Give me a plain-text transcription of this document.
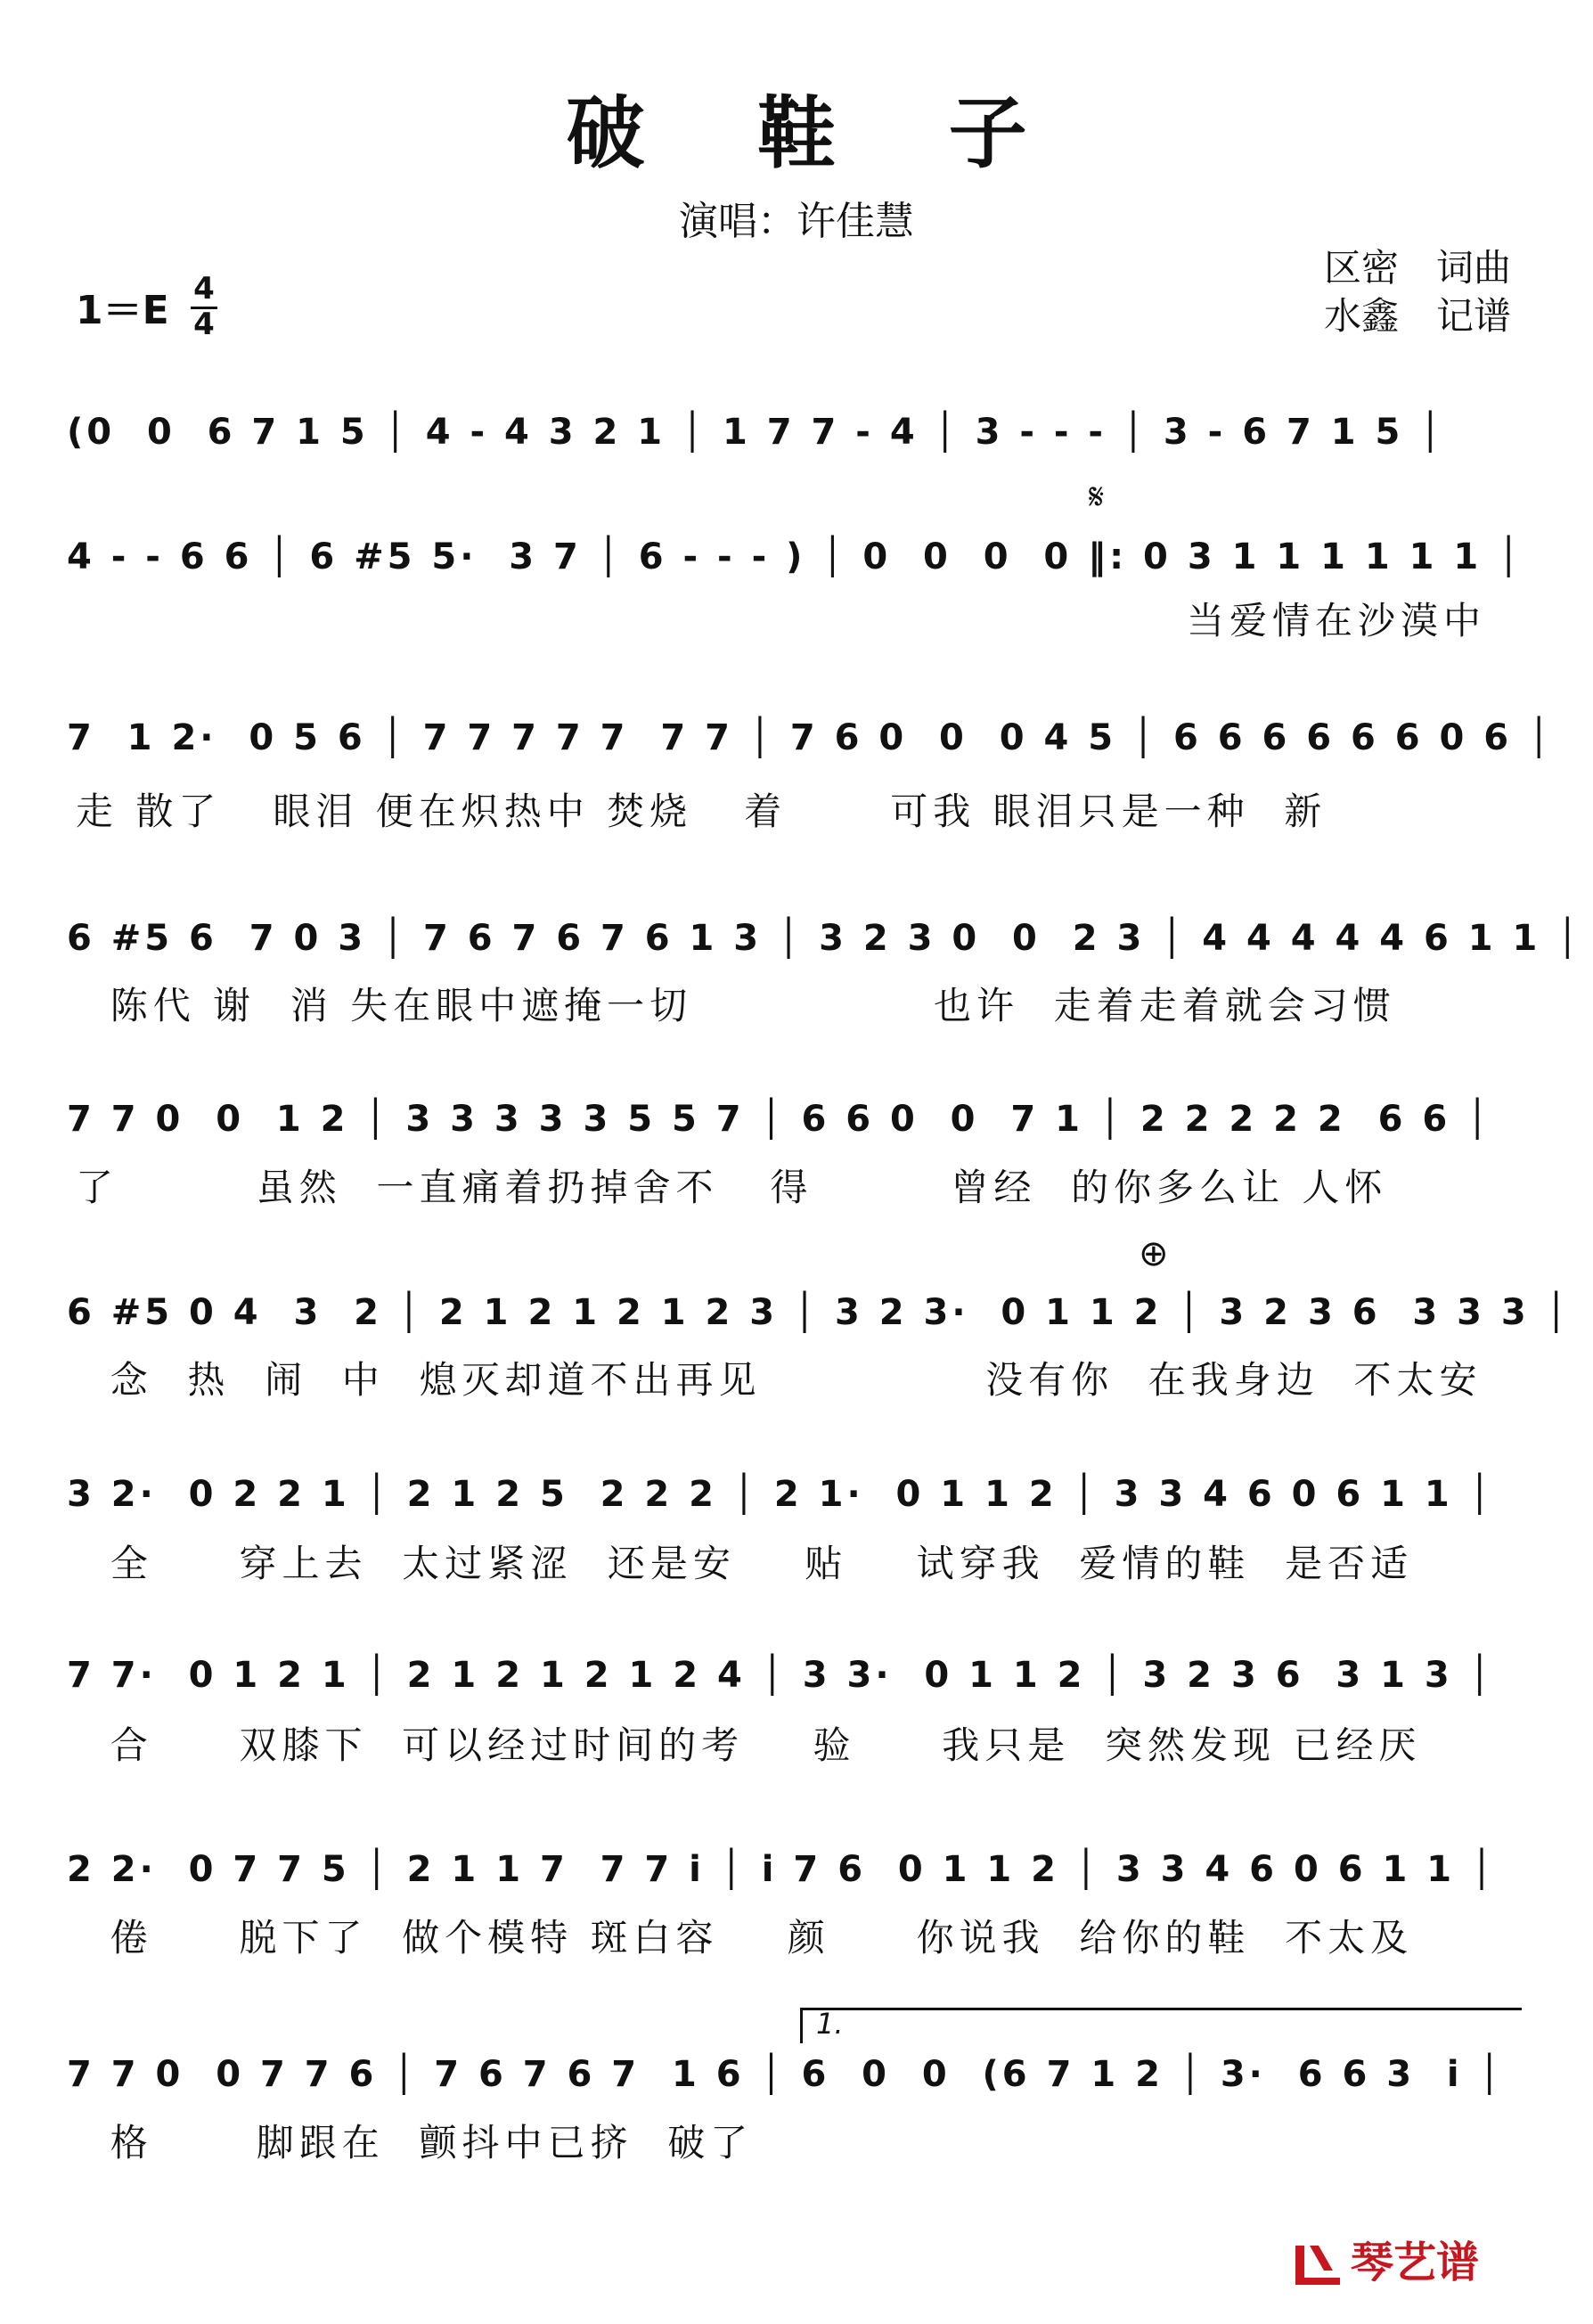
破 鞋 子
演唱：许佳慧
区密　词曲
水鑫　记谱
1＝E 4
4
(0  0  6 7 1 5 │ 4 - 4 3 2 1 │ 1 7 7 - 4 │ 3 - - - │ 3 - 6 7 1 5 │
𝄋
4 - - 6 6 │ 6 #5 5·  3 7 │ 6 - - - ) │ 0  0  0  0 ‖: 0 3 1 1 1 1 1 1 │
当爱情在沙漠中
7  1 2·  0 5 6 │ 7 7 7 7 7  7 7 │ 7 6 0  0  0 4 5 │ 6 6 6 6 6 6 0 6 │
走 散了   眼泪 便在炽热中 焚烧   着      可我 眼泪只是一种  新
6 #5 6  7 0 3 │ 7 6 7 6 7 6 1 3 │ 3 2 3 0  0  2 3 │ 4 4 4 4 4 6 1 1 │
陈代 谢  消 失在眼中遮掩一切              也许  走着走着就会习惯
7 7 0  0  1 2 │ 3 3 3 3 3 5 5 7 │ 6 6 0  0  7 1 │ 2 2 2 2 2  6 6 │
了        虽然  一直痛着扔掉舍不   得        曾经  的你多么让 人怀
⊕
6 #5 0 4  3  2 │ 2 1 2 1 2 1 2 3 │ 3 2 3·  0 1 1 2 │ 3 2 3 6  3 3 3 │
念  热  闹  中  熄灭却道不出再见             没有你  在我身边  不太安
3 2·  0 2 2 1 │ 2 1 2 5  2 2 2 │ 2 1·  0 1 1 2 │ 3 3 4 6 0 6 1 1 │
全     穿上去  太过紧涩  还是安    贴    试穿我  爱情的鞋  是否适
7 7·  0 1 2 1 │ 2 1 2 1 2 1 2 4 │ 3 3·  0 1 1 2 │ 3 2 3 6  3 1 3 │
合     双膝下  可以经过时间的考    验     我只是  突然发现 已经厌
2 2·  0 7 7 5 │ 2 1 1 7  7 7 i │ i 7 6  0 1 1 2 │ 3 3 4 6 0 6 1 1 │
倦     脱下了  做个模特 斑白容    颜     你说我  给你的鞋  不太及
1.
7 7 0  0 7 7 6 │ 7 6 7 6 7  1 6 │ 6  0  0  (6 7 1 2 │ 3·  6 6 3  i │
格      脚跟在  颤抖中已挤  破了
琴艺谱
